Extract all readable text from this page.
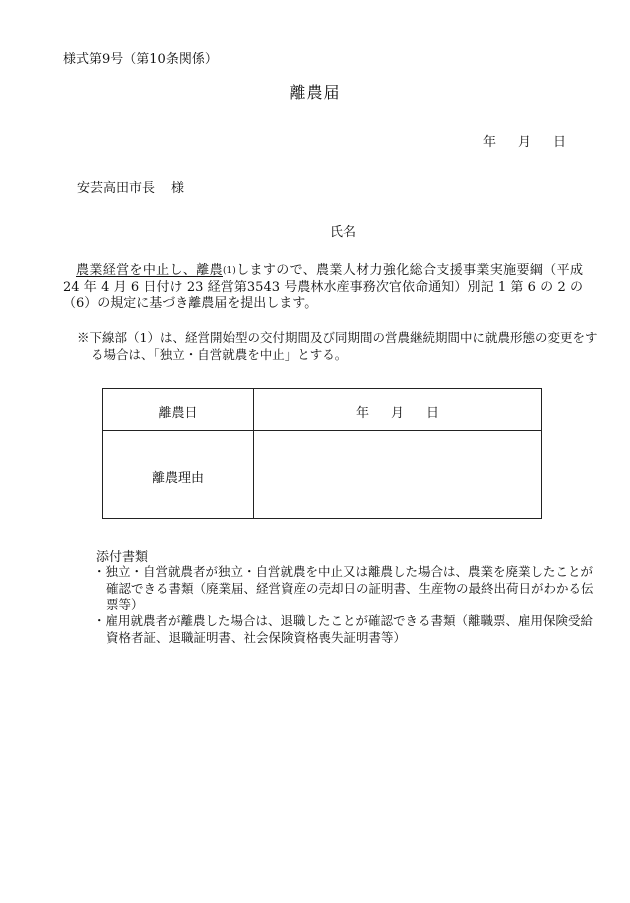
様式第9号（第10条関係）
離農届
年 月 日
安芸高田市長 様
氏名
農業経営を中止し、離農(1)しますので、農業人材力強化総合支援事業実施要綱（平成 24 年 4 月 6 日付け 23 経営第3543 号農林水産事務次官依命通知）別記 1 第 6 の 2 の（6）の規定に基づき離農届を提出します。
※下線部（1）は、経営開始型の交付期間及び同期間の営農継続期間中に就農形態の変更をする場合は、「独立・自営就農を中止」とする。
離農日	年 月 日
離農理由
添付書類
・独立・自営就農者が独立・自営就農を中止又は離農した場合は、農業を廃業したことが確認できる書類（廃業届、経営資産の売却日の証明書、生産物の最終出荷日がわかる伝票等）
・雇用就農者が離農した場合は、退職したことが確認できる書類（離職票、雇用保険受給資格者証、退職証明書、社会保険資格喪失証明書等）
